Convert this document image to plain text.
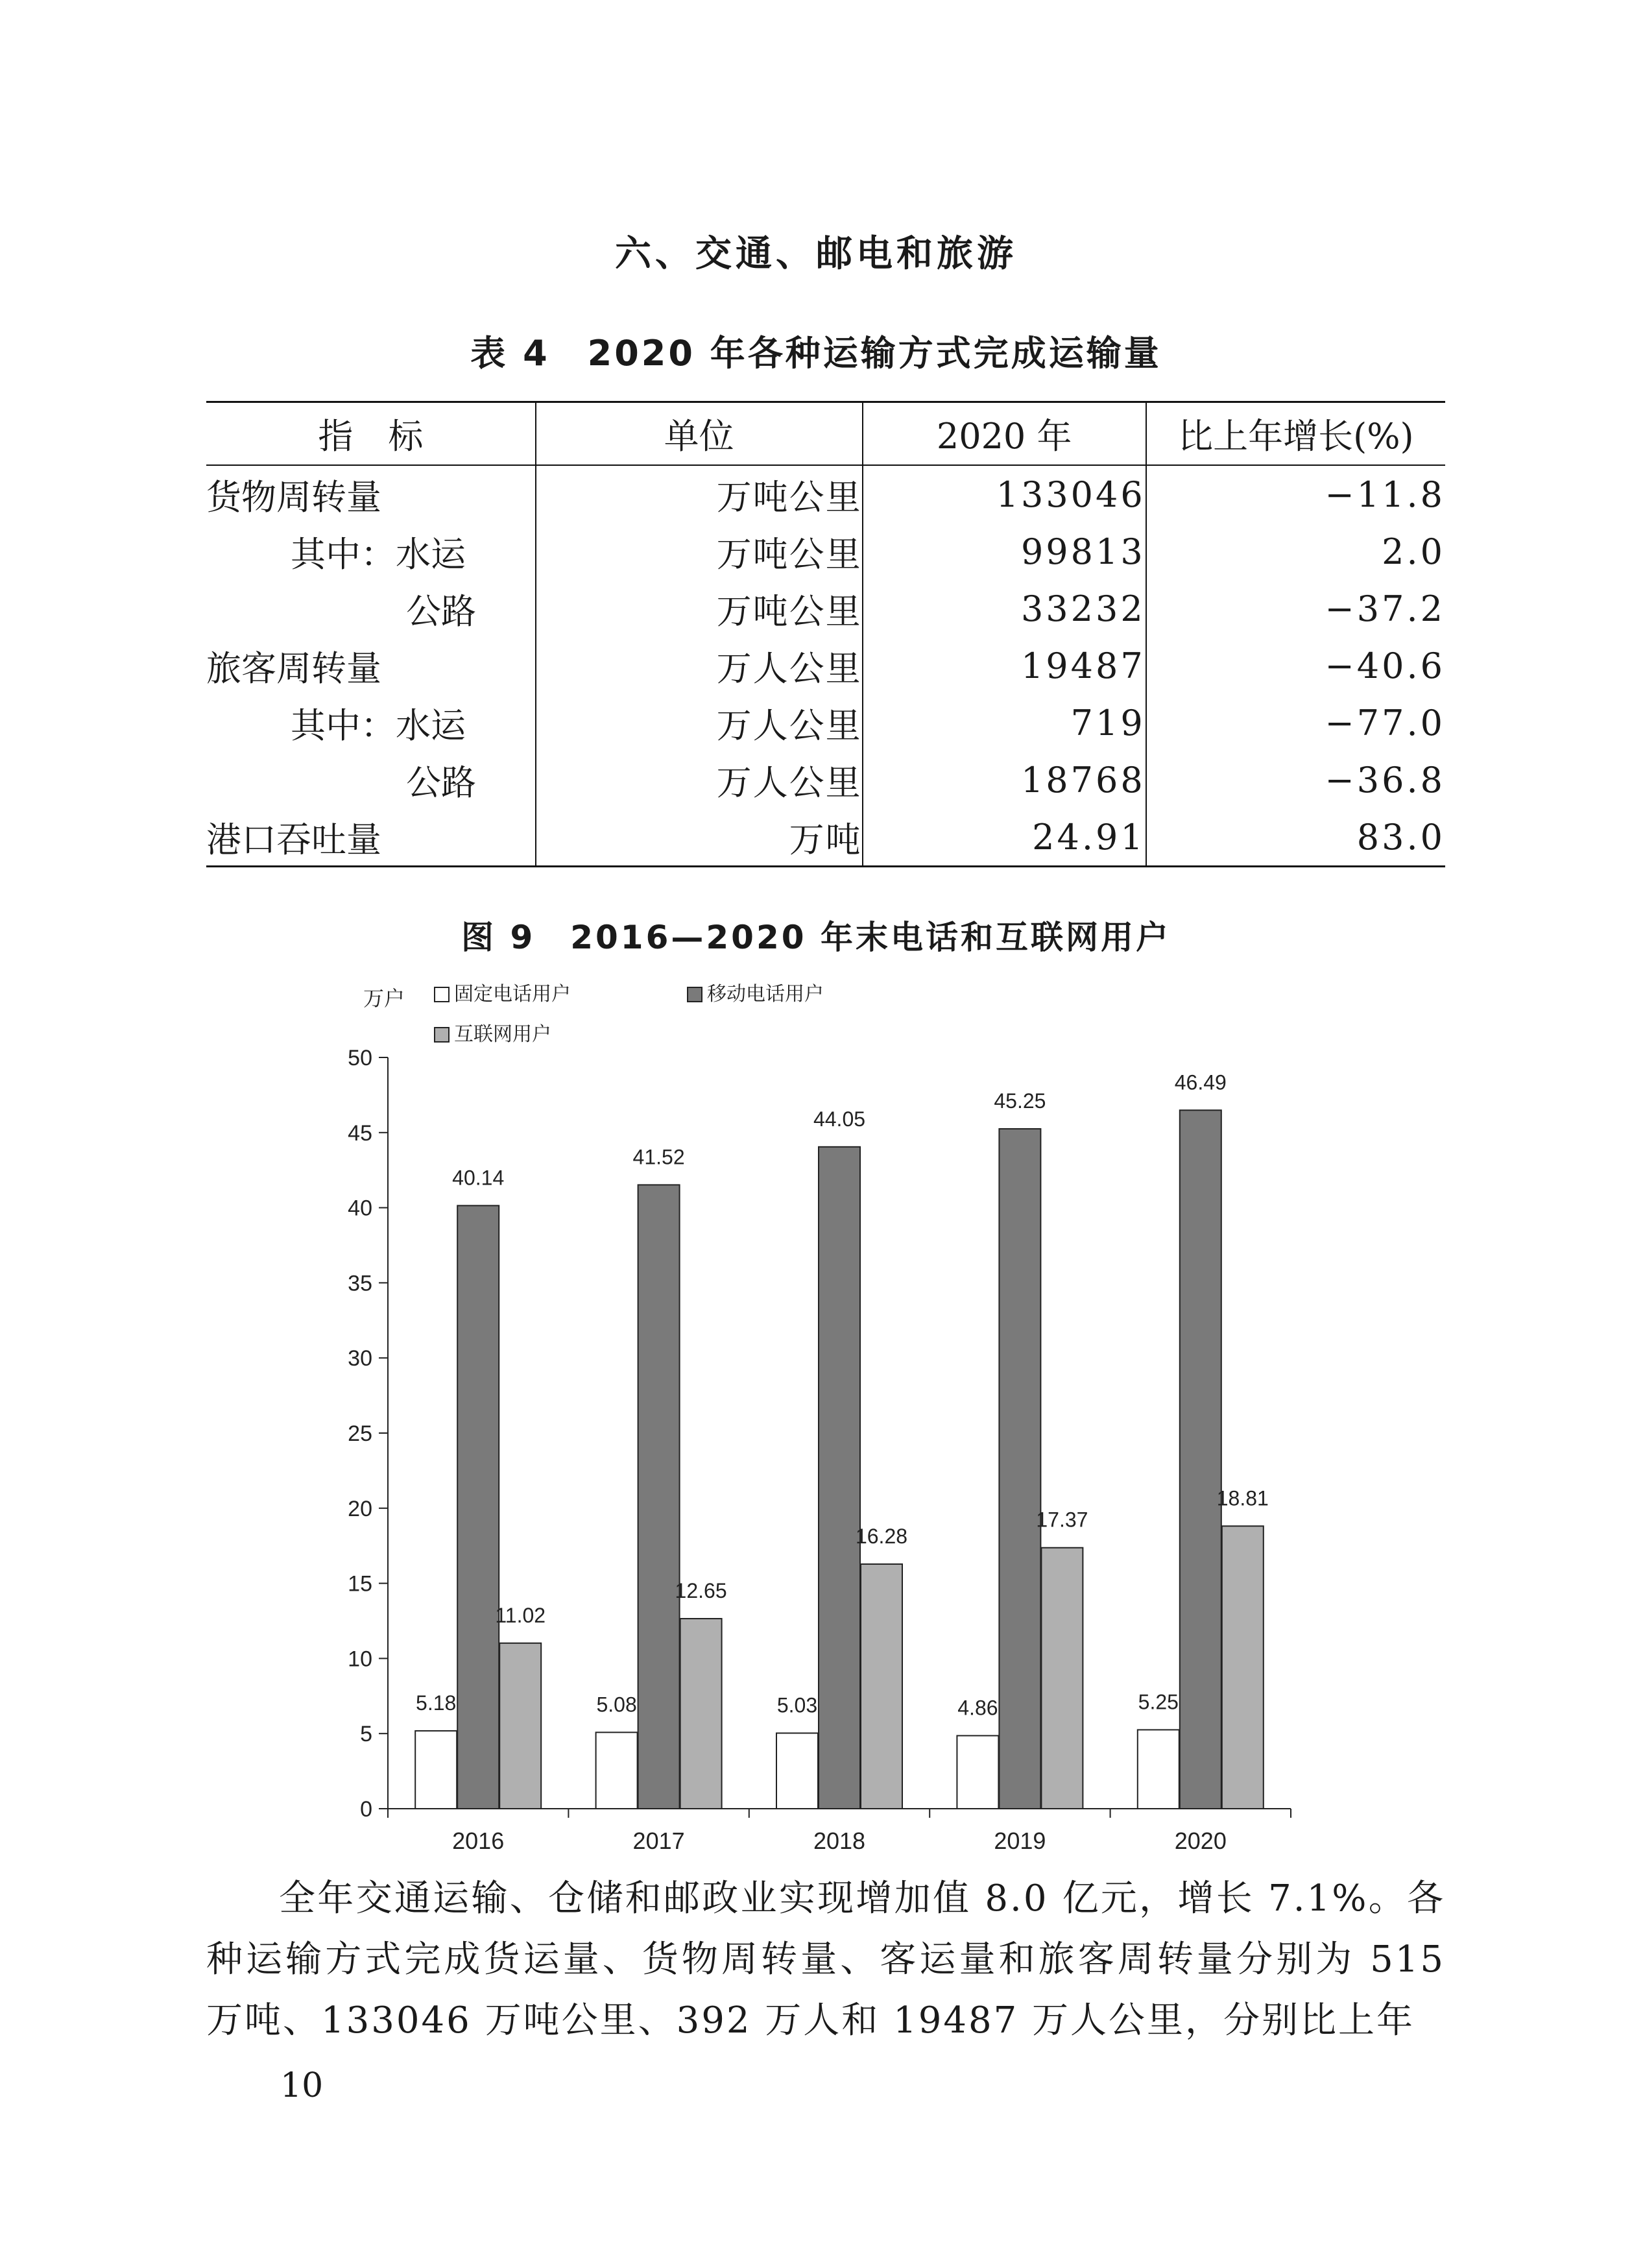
六、交通、邮电和旅游
表 4　2020 年各种运输方式完成运输量
指　标	单位	2020 年	比上年增长(%)
货物周转量	万吨公里	133046	−11.8
其中：水运	万吨公里	99813	2.0
公路	万吨公里	33232	−37.2
旅客周转量	万人公里	19487	−40.6
其中：水运	万人公里	719	−77.0
公路	万人公里	18768	−36.8
港口吞吐量	万吨	24.91	83.0
图 9　2016—2020 年末电话和互联网用户
0
5
10
15
20
25
30
35
40
45
50
万户	固定电话用户	移动电话用户
互联网用户
5.18
40.14
11.02
2016
5.08
41.52
12.65
2017
5.03
44.05
16.28
2018
4.86
45.25
17.37
2019
5.25
46.49
18.81
2020

全年交通运输、仓储和邮政业实现增加值 8.0 亿元，增长 7.1%。各种运输方式完成货运量、货物周转量、客运量和旅客周转量分别为 515 万吨、133046 万吨公里、392 万人和 19487 万人公里，分别比上年

10
